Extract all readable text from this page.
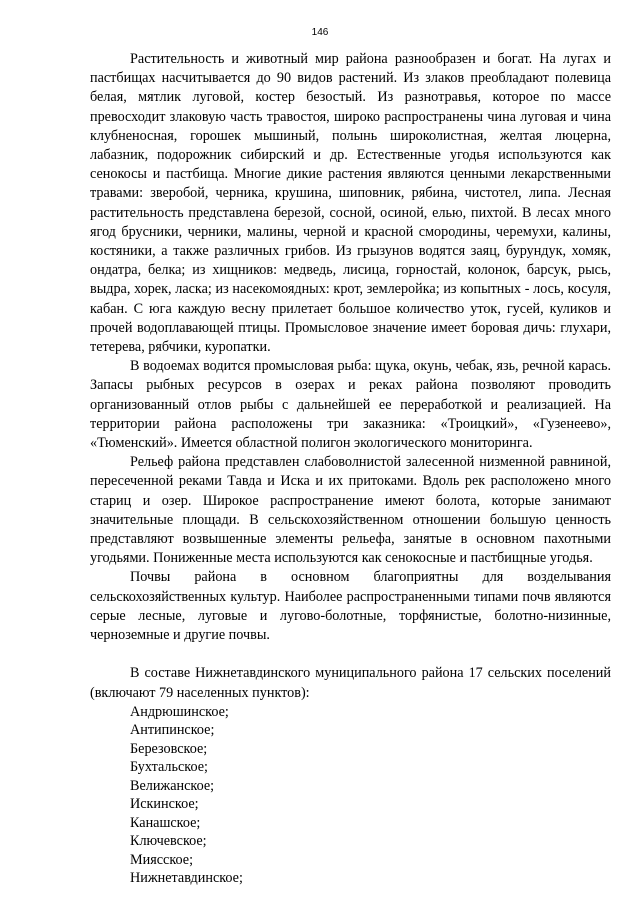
146

Растительность и животный мир района разнообразен и богат. На лугах и пастбищах насчитывается до 90 видов растений. Из злаков преобладают полевица белая, мятлик луговой, костер безостый. Из разнотравья, которое по массе превосходит злаковую часть травостоя, широко распространены чина луговая и чина клубненосная, горошек мышиный, полынь широколистная, желтая люцерна, лабазник, подорожник сибирский и др. Естественные угодья используются как сенокосы и пастбища. Многие дикие растения являются ценными лекарственными травами: зверобой, черника, крушина, шиповник, рябина, чистотел, липа. Лесная растительность представлена березой, сосной, осиной, елью, пихтой. В лесах много ягод брусники, черники, малины, черной и красной смородины, черемухи, калины, костяники, а также различных грибов. Из грызунов водятся заяц, бурундук, хомяк, ондатра, белка; из хищников: медведь, лисица, горностай, колонок, барсук, рысь, выдра, хорек, ласка; из насекомоядных: крот, землеройка; из копытных - лось, косуля, кабан. С юга каждую весну прилетает большое количество уток, гусей, куликов и прочей водоплавающей птицы. Промысловое значение имеет боровая дичь: глухари, тетерева, рябчики, куропатки.

В водоемах водится промысловая рыба: щука, окунь, чебак, язь, речной карась. Запасы рыбных ресурсов в озерах и реках района позволяют проводить организованный отлов рыбы с дальнейшей ее переработкой и реализацией. На территории района расположены три заказника: «Троицкий», «Гузенеево», «Тюменский». Имеется областной полигон экологического мониторинга.

Рельеф района представлен слабоволнистой залесенной низменной равниной, пересеченной реками Тавда и Иска и их притоками. Вдоль рек расположено много стариц и озер. Широкое распространение имеют болота, которые занимают значительные площади. В сельскохозяйственном отношении большую ценность представляют возвышенные элементы рельефа, занятые в основном пахотными угодьями. Пониженные места используются как сенокосные и пастбищные угодья.

Почвы района в основном благоприятны для возделывания сельскохозяйственных культур. Наиболее распространенными типами почв являются серые лесные, луговые и лугово-болотные, торфянистые, болотно-низинные, черноземные и другие почвы.

В составе Нижнетавдинского муниципального района 17 сельских поселений (включают 79 населенных пунктов):

Андрюшинское;
Антипинское;
Березовское;
Бухтальское;
Велижанское;
Искинское;
Канашское;
Ключевское;
Миясское;
Нижнетавдинское;
